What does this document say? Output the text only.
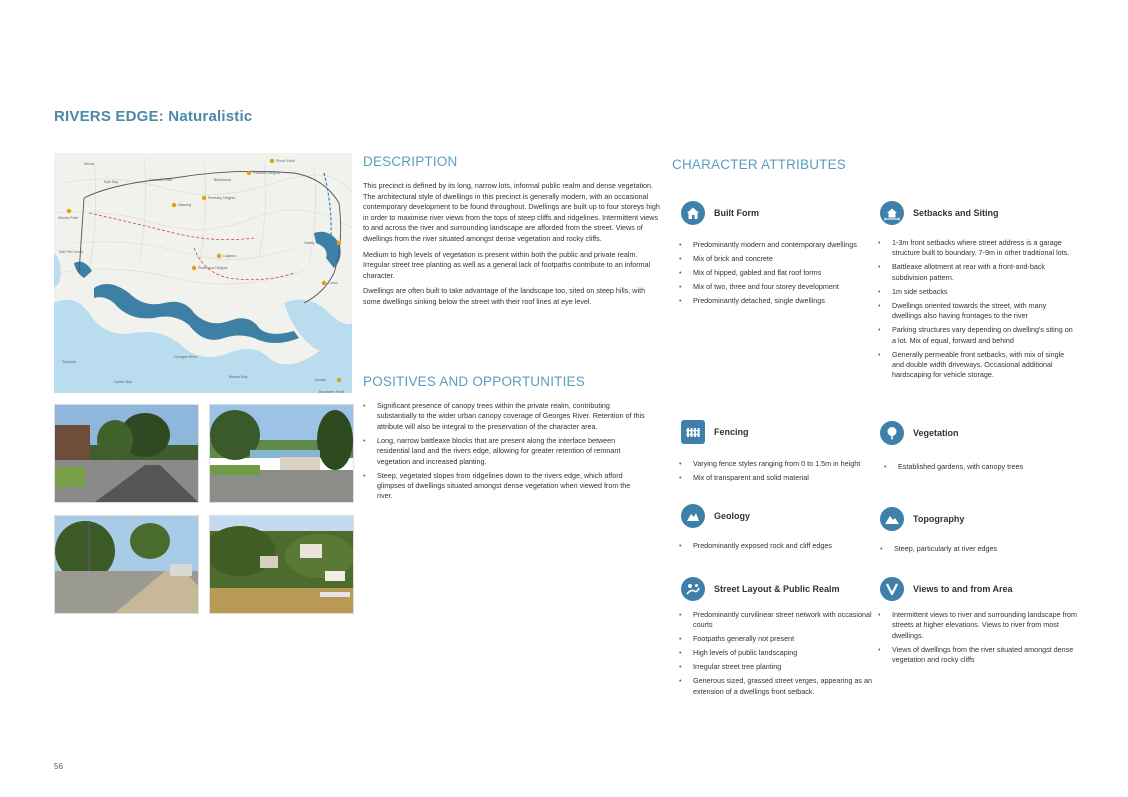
RIVERS EDGE: Naturalistic
Picnic Point
Padstow Heights
Revesby Heights
Illawong
Alfords Point
Lugarno
Peakhurst Heights
Oatley
Como
Jannali
Georges River
Menai
Salt Pan Creek
Kyle Bay	Connells Point	Blakehurst
Sylvania
Oyster Bay
Bonnet Bay
Burraneer Point
DESCRIPTION

This precinct is defined by its long, narrow lots, informal public realm and dense vegetation. The architectural style of dwellings in this precinct is generally modern, with an occasional contemporary development to be found throughout. Dwellings are built up to four storeys high in order to maximise river views from the tops of steep cliffs and ridgelines. Intermittent views to and across the river and surrounding landscape are afforded from the street. Views of dwellings from the river situated amongst dense vegetation and rocky cliffs.

Medium to high levels of vegetation is present within both the public and private realm. Irregular street tree planting as well as a general lack of footpaths contribute to an informal character.

Dwellings are often built to take advantage of the landscape too, sited on steep hills, with some dwellings sinking below the street with their roof lines at eye level.

POSITIVES AND OPPORTUNITIES
• Significant presence of canopy trees within the private realm, contributing substantially to the wider urban canopy coverage of Georges River. Retention of this attribute will also be integral to the preservation of the character area.
• Long, narrow battleaxe blocks that are present along the interface between residential land and the rivers edge, allowing for greater retention of remnant vegetation and increased planting.
• Steep, vegetated slopes from ridgelines down to the rivers edge, which afford glimpses of dwellings situated amongst dense vegetation when viewed from the river.
CHARACTER ATTRIBUTES
Built Form
• Predominantly modern and contemporary dwellings
• Mix of brick and concrete
• Mix of hipped, gabled and flat roof forms
• Mix of two, three and four storey development
• Predominantly detached, single dwellings
Setbacks and Siting
• 1-3m front setbacks where street address is a garage structure built to boundary. 7-9m in other traditional lots.
• Battleaxe allotment at rear with a front-and-back subdivision pattern.
• 1m side setbacks
• Dwellings oriented towards the street, with many dwellings also having frontages to the river
• Parking structures vary depending on dwelling's siting on a lot. Mix of equal, forward and behind
• Generally permeable front setbacks, with mix of single and double width driveways. Occasional additional hardscaping for vehicle storage.
Fencing
• Varying fence styles ranging from 0 to 1.5m in height
• Mix of transparent and solid material
Vegetation
• Established gardens, with canopy trees
Geology
• Predominantly exposed rock and cliff edges
Topography
• Steep, particularly at river edges
Street Layout & Public Realm
• Predominantly curvilinear street network with occasional courts
• Footpaths generally not present
• High levels of public landscaping
• Irregular street tree planting
• Generous sized, grassed street verges, appearing as an extension of a dwellings front setback.
Views to and from Area
• Intermittent views to river and surrounding landscape from streets at higher elevations. Views to river from most dwellings.
• Views of dwellings from the river situated amongst dense vegetation and rocky cliffs
56
